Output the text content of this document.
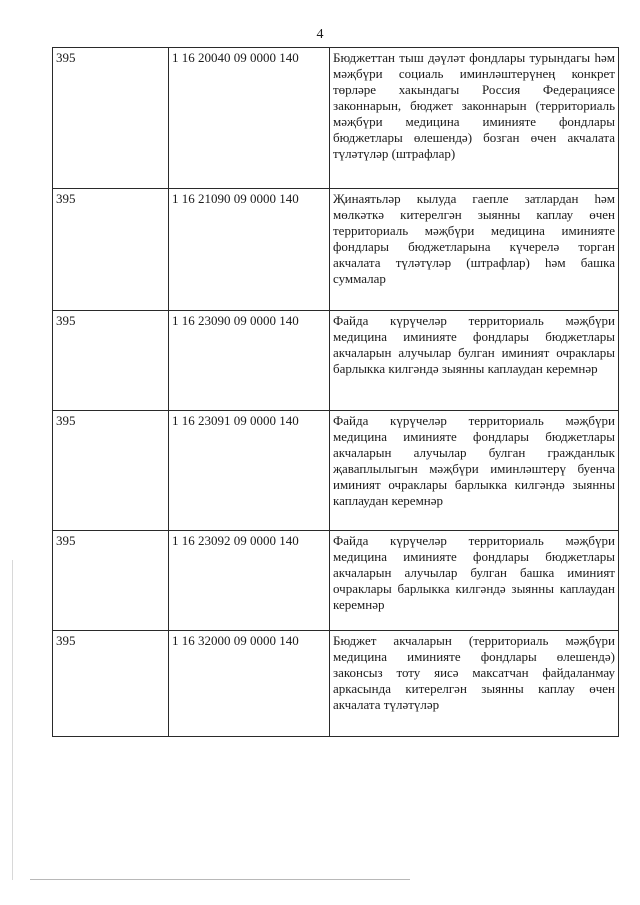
4
395	1 16 20040 09 0000 140	Бюджеттан тыш дәүләт фондлары турындагы һәм мәҗбүри социаль иминләштерүнең конкрет төрләре хакындагы Россия Федерациясе законнарын, бюджет законнарын (территориаль мәҗбүри медицина иминияте фондлары бюджетлары өлешендә) бозган өчен акчалата түләтүләр (штрафлар)
395	1 16 21090 09 0000 140	Җинаятьләр кылуда гаепле затлардан һәм мөлкәткә китерелгән зыянны каплау өчен территориаль мәҗбүри медицина иминияте фондлары бюджетларына күчерелә торган акчалата түләтүләр (штрафлар) һәм башка суммалар
395	1 16 23090 09 0000 140	Файда күрүчеләр территориаль мәҗбүри медицина иминияте фондлары бюджетлары акчаларын алучылар булган иминият очраклары барлыкка килгәндә зыянны каплаудан керемнәр
395	1 16 23091 09 0000 140	Файда күрүчеләр территориаль мәҗбүри медицина иминияте фондлары бюджетлары акчаларын алучылар булган гражданлык җаваплылыгын мәҗбүри иминләштерү буенча иминият очраклары барлыкка килгәндә зыянны каплаудан керемнәр
395	1 16 23092 09 0000 140	Файда күрүчеләр территориаль мәҗбүри медицина иминияте фондлары бюджетлары акчаларын алучылар булган башка иминият очраклары барлыкка килгәндә зыянны каплаудан керемнәр
395	1 16 32000 09 0000 140	Бюджет акчаларын (территориаль мәҗбүри медицина иминияте фондлары өлешендә) законсыз тоту яисә максатчан файдаланмау аркасында китерелгән зыянны каплау өчен акчалата түләтүләр
